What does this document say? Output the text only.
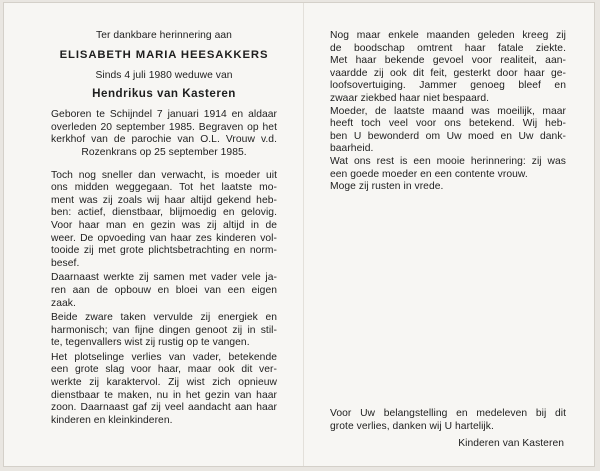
Ter dankbare herinnering aan
ELISABETH MARIA HEESAKKERS
Sinds 4 juli 1980 weduwe van
Hendrikus van Kasteren
Geboren te Schijndel 7 januari 1914 en aldaar
overleden 20 september 1985. Begraven op het
kerkhof van de parochie van O.L. Vrouw v.d.
Rozenkrans op 25 september 1985.
Toch nog sneller dan verwacht, is moeder uit
ons midden weggegaan. Tot het laatste mo-
ment was zij zoals wij haar altijd gekend heb-
ben: actief, dienstbaar, blijmoedig en gelovig.
Voor haar man en gezin was zij altijd in de
weer. De opvoeding van haar zes kinderen vol-
tooide zij met grote plichtsbetrachting en norm-
besef.
Daarnaast werkte zij samen met vader vele ja-
ren aan de opbouw en bloei van een eigen
zaak.
Beide zware taken vervulde zij energiek en
harmonisch; van fijne dingen genoot zij in stil-
te, tegenvallers wist zij rustig op te vangen.
Het plotselinge verlies van vader, betekende
een grote slag voor haar, maar ook dit ver-
werkte zij karaktervol. Zij wist zich opnieuw
dienstbaar te maken, nu in het gezin van haar
zoon. Daarnaast gaf zij veel aandacht aan haar
kinderen en kleinkinderen.
Nog maar enkele maanden geleden kreeg zij
de boodschap omtrent haar fatale ziekte.
Met haar bekende gevoel voor realiteit, aan-
vaardde zij ook dit feit, gesterkt door haar ge-
loofsovertuiging. Jammer genoeg bleef en
zwaar ziekbed haar niet bespaard.
Moeder, de laatste maand was moeilijk, maar
heeft toch veel voor ons betekend. Wij heb-
ben U bewonderd om Uw moed en Uw dank-
baarheid.
Wat ons rest is een mooie herinnering: zij was
een goede moeder en een contente vrouw.
Moge zij rusten in vrede.
Voor Uw belangstelling en medeleven bij dit
grote verlies, danken wij U hartelijk.
Kinderen van Kasteren
